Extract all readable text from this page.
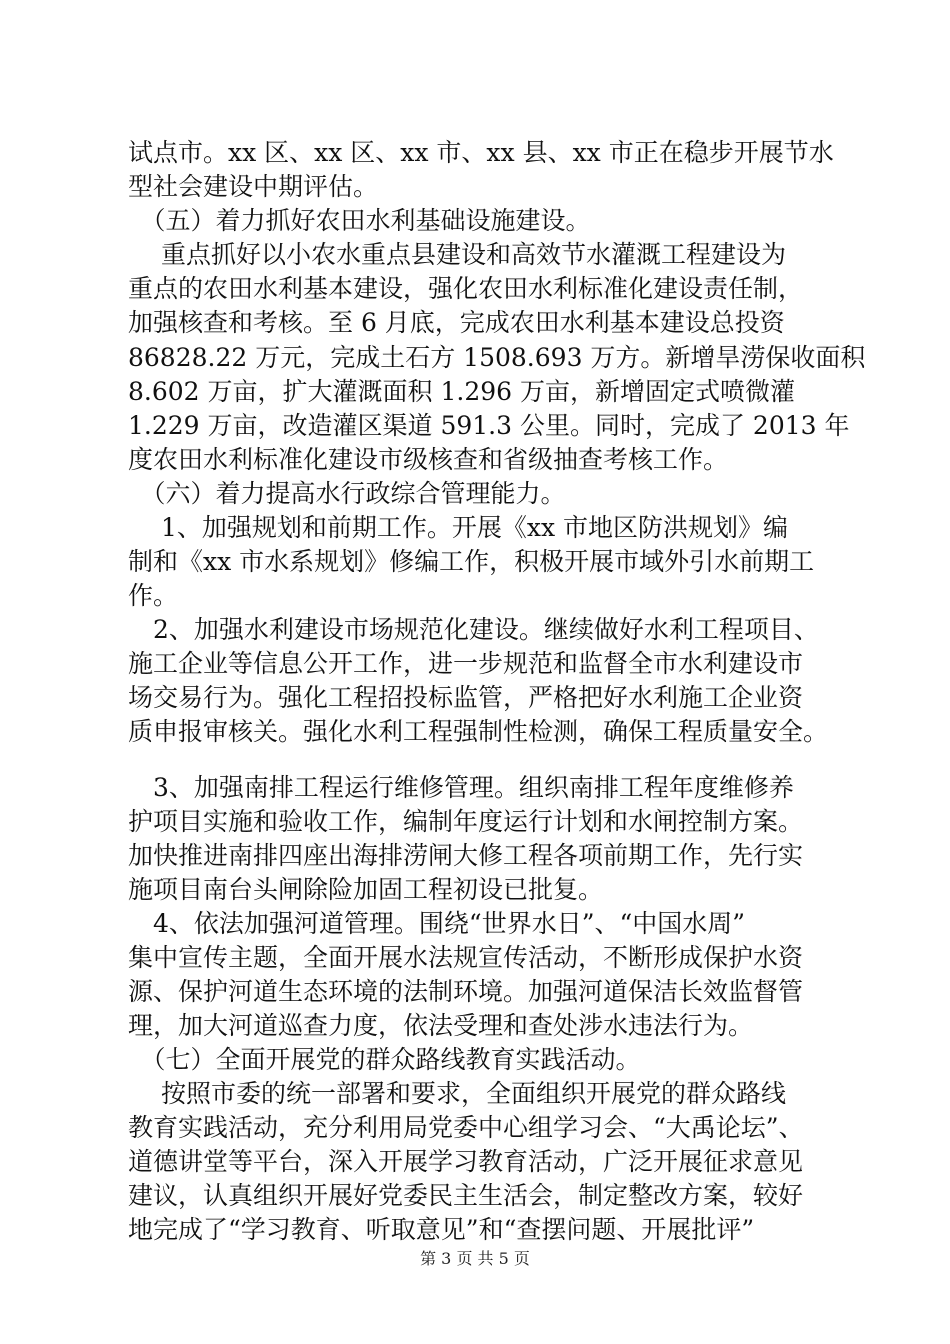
试点市。xx 区、xx 区、xx 市、xx 县、xx 市正在稳步开展节水
型社会建设中期评估。
　（五）着力抓好农田水利基础设施建设。
　 重点抓好以小农水重点县建设和高效节水灌溉工程建设为
重点的农田水利基本建设，强化农田水利标准化建设责任制，
加强核查和考核。至 6 月底，完成农田水利基本建设总投资
86828.22 万元，完成土石方 1508.693 万方。新增旱涝保收面积
8.602 万亩，扩大灌溉面积 1.296 万亩，新增固定式喷微灌
1.229 万亩，改造灌区渠道 591.3 公里。同时，完成了 2013 年
度农田水利标准化建设市级核查和省级抽查考核工作。
　（六）着力提高水行政综合管理能力。
　 1、加强规划和前期工作。开展《xx 市地区防洪规划》编
制和《xx 市水系规划》修编工作，积极开展市域外引水前期工
作。
　2、加强水利建设市场规范化建设。继续做好水利工程项目、
施工企业等信息公开工作，进一步规范和监督全市水利建设市
场交易行为。强化工程招投标监管，严格把好水利施工企业资
质申报审核关。强化水利工程强制性检测，确保工程质量安全。
　3、加强南排工程运行维修管理。组织南排工程年度维修养
护项目实施和验收工作，编制年度运行计划和水闸控制方案。
加快推进南排四座出海排涝闸大修工程各项前期工作，先行实
施项目南台头闸除险加固工程初设已批复。
　4、依法加强河道管理。围绕“世界水日”、“中国水周”
集中宣传主题，全面开展水法规宣传活动，不断形成保护水资
源、保护河道生态环境的法制环境。加强河道保洁长效监督管
理，加大河道巡查力度，依法受理和查处涉水违法行为。
　（七）全面开展党的群众路线教育实践活动。
　 按照市委的统一部署和要求，全面组织开展党的群众路线
教育实践活动，充分利用局党委中心组学习会、“大禹论坛”、
道德讲堂等平台，深入开展学习教育活动，广泛开展征求意见
建议，认真组织开展好党委民主生活会，制定整改方案，较好
地完成了“学习教育、听取意见”和“查摆问题、开展批评”
第 3 页 共 5 页
